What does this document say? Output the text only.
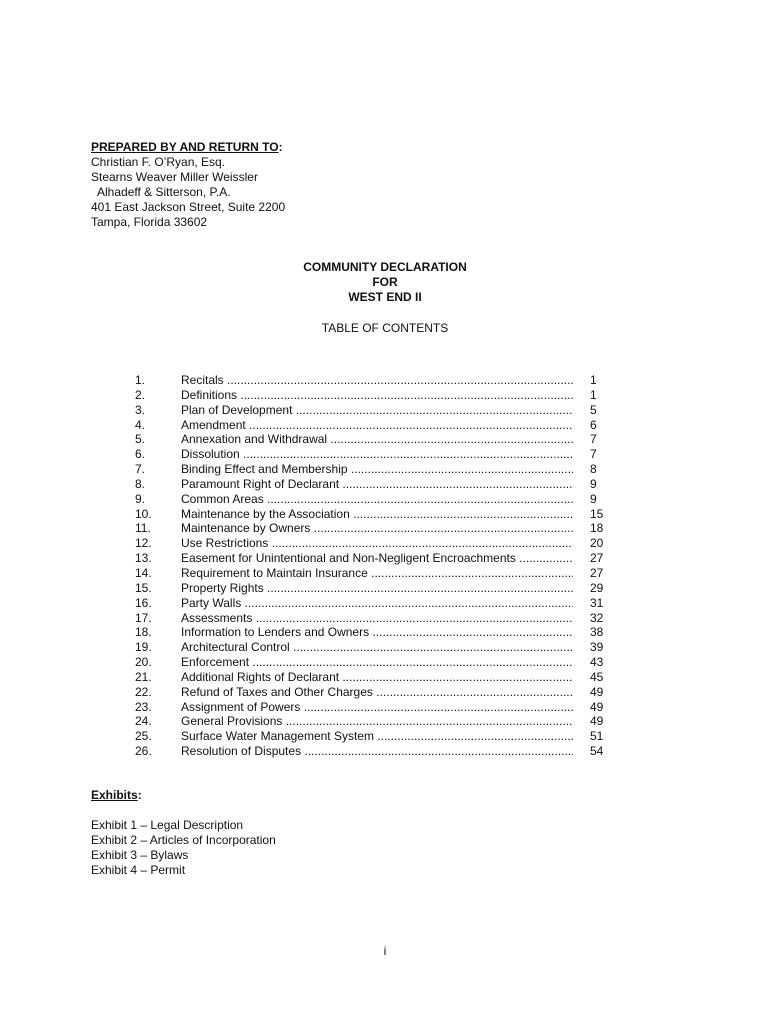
PREPARED BY AND RETURN TO:
Christian F. O’Ryan, Esq.
Stearns Weaver Miller Weissler
Alhadeff & Sitterson, P.A.
401 East Jackson Street, Suite 2200
Tampa, Florida 33602
COMMUNITY DECLARATION
FOR
WEST END II
TABLE OF CONTENTS
1.	Recitals .....	1
2.	Definitions .....	1
3.	Plan of Development .....	5
4.	Amendment .....	6
5.	Annexation and Withdrawal .....	7
6.	Dissolution .....	7
7.	Binding Effect and Membership .....	8
8.	Paramount Right of Declarant .....	9
9.	Common Areas .....	9
10.	Maintenance by the Association .....	15
11.	Maintenance by Owners .....	18
12.	Use Restrictions .....	20
13.	Easement for Unintentional and Non-Negligent Encroachments .....	27
14.	Requirement to Maintain Insurance .....	27
15.	Property Rights .....	29
16.	Party Walls .....	31
17.	Assessments .....	32
18.	Information to Lenders and Owners .....	38
19.	Architectural Control .....	39
20.	Enforcement .....	43
21.	Additional Rights of Declarant .....	45
22.	Refund of Taxes and Other Charges .....	49
23.	Assignment of Powers .....	49
24.	General Provisions .....	49
25.	Surface Water Management System .....	51
26.	Resolution of Disputes .....	54
Exhibits:
Exhibit 1 – Legal Description
Exhibit 2 – Articles of Incorporation
Exhibit 3 – Bylaws
Exhibit 4 – Permit
i
